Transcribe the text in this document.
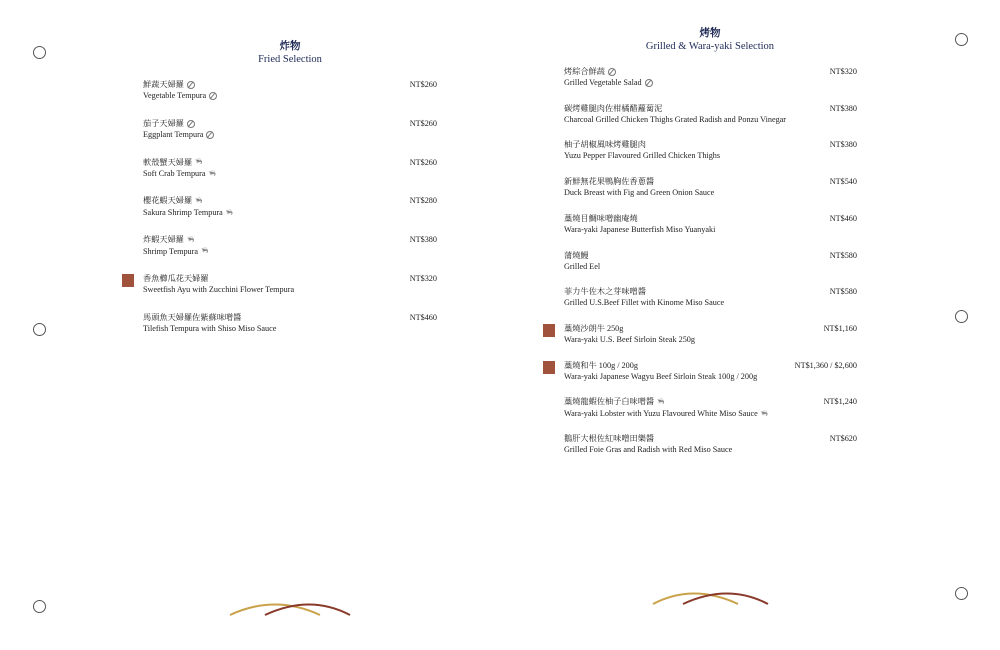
炸物
Fried Selection
烤物
Grilled & Wara-yaki Selection
鮮蔬天婦羅
Vegetable Tempura
NT$260
茄子天婦羅
Eggplant Tempura
NT$260
軟殼蟹天婦羅 🦐
Soft Crab Tempura 🦐
NT$260
櫻花蝦天婦羅 🦐
Sakura Shrimp Tempura 🦐
NT$280
炸蝦天婦羅 🦐
Shrimp Tempura 🦐
NT$380
香魚櫛瓜花天婦羅
Sweetfish Ayu with Zucchini Flower Tempura
NT$320
馬頭魚天婦羅佐紫蘇味噌醬
Tilefish Tempura with Shiso Miso Sauce
NT$460
烤綜合鮮蔬
Grilled Vegetable Salad
NT$320
碳烤雞腿肉佐柑橘醋蘿蔔泥
Charcoal Grilled Chicken Thighs Grated Radish and Ponzu Vinegar
NT$380
柚子胡椒風味烤雞腿肉
Yuzu Pepper Flavoured Grilled Chicken Thighs
NT$380
新鮮無花果鴨胸佐香蔥醬
Duck Breast with Fig and Green Onion Sauce
NT$540
藁燒目鯛味噌幽庵燒
Wara-yaki Japanese Butterfish Miso Yuanyaki
NT$460
蒲燒鰻
Grilled Eel
NT$580
菲力牛佐木之芽味噌醬
Grilled U.S.Beef Fillet with Kinome Miso Sauce
NT$580
藁燒沙朗牛 250g
Wara-yaki U.S. Beef Sirloin Steak 250g
NT$1,160
藁燒和牛 100g / 200g
Wara-yaki Japanese Wagyu Beef Sirloin Steak 100g / 200g
NT$1,360 / $2,600
藁燒龍蝦佐柚子白味噌醬 🦐
Wara-yaki Lobster with Yuzu Flavoured White Miso Sauce 🦐
NT$1,240
鵝肝大根佐紅味噌田樂醬
Grilled Foie Gras and Radish with Red Miso Sauce
NT$620
